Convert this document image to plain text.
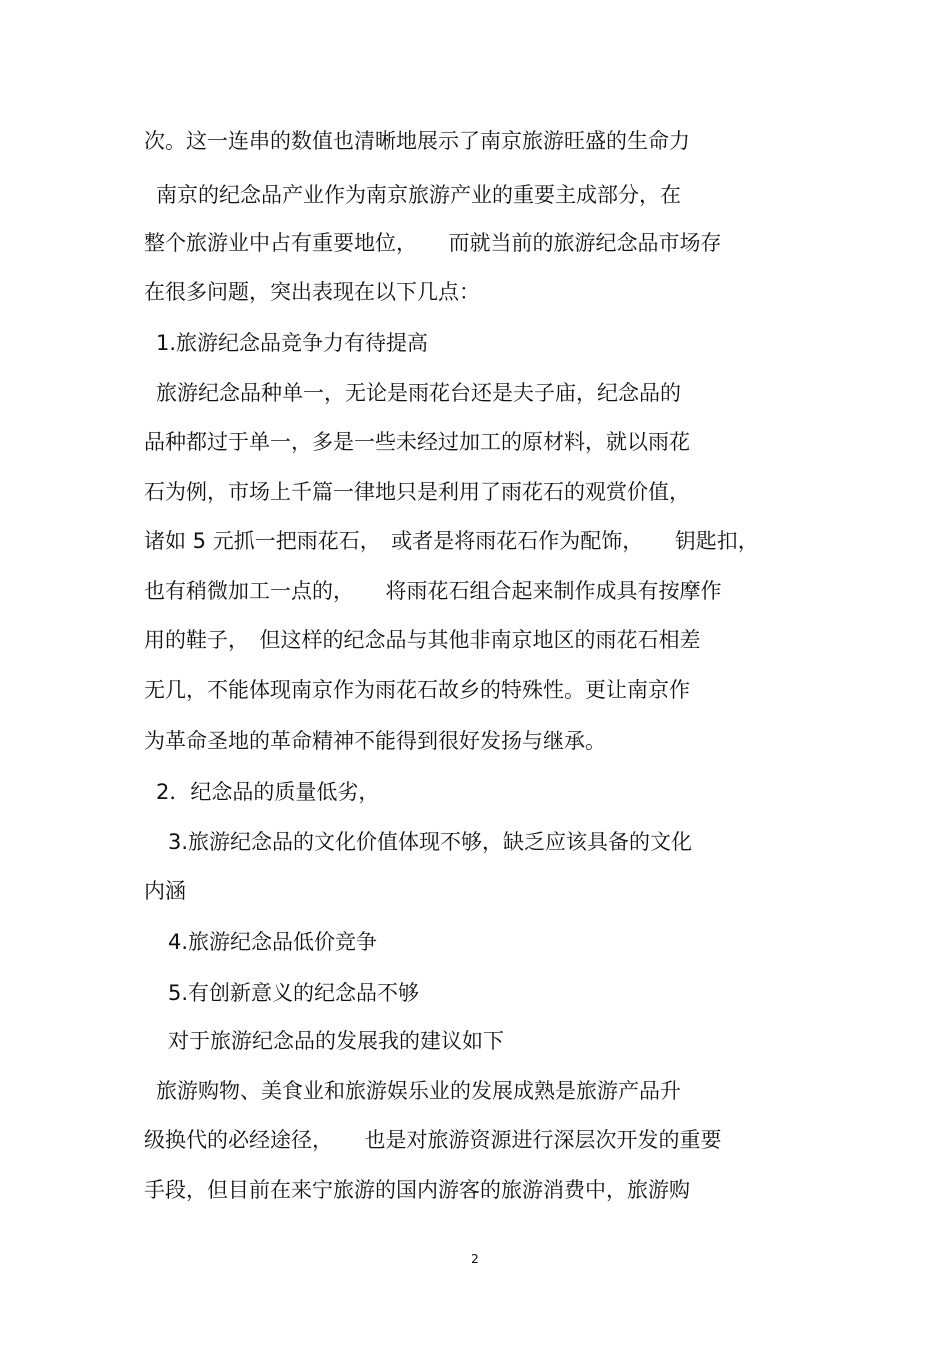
次。这一连串的数值也清晰地展示了南京旅游旺盛的生命力
南京的纪念品产业作为南京旅游产业的重要主成部分，在
整个旅游业中占有重要地位，　　而就当前的旅游纪念品市场存
在很多问题，突出表现在以下几点：
1.旅游纪念品竞争力有待提高
旅游纪念品种单一，无论是雨花台还是夫子庙，纪念品的
品种都过于单一，多是一些未经过加工的原材料，就以雨花
石为例，市场上千篇一律地只是利用了雨花石的观赏价值，
诸如 5 元抓一把雨花石，　或者是将雨花石作为配饰，　　钥匙扣，
也有稍微加工一点的，　　将雨花石组合起来制作成具有按摩作
用的鞋子，　但这样的纪念品与其他非南京地区的雨花石相差
无几，不能体现南京作为雨花石故乡的特殊性。更让南京作
为革命圣地的革命精神不能得到很好发扬与继承。
2．纪念品的质量低劣，
3.旅游纪念品的文化价值体现不够，缺乏应该具备的文化
内涵
4.旅游纪念品低价竞争
5.有创新意义的纪念品不够
对于旅游纪念品的发展我的建议如下
旅游购物、美食业和旅游娱乐业的发展成熟是旅游产品升
级换代的必经途径，　　也是对旅游资源进行深层次开发的重要
手段，但目前在来宁旅游的国内游客的旅游消费中，旅游购
2
